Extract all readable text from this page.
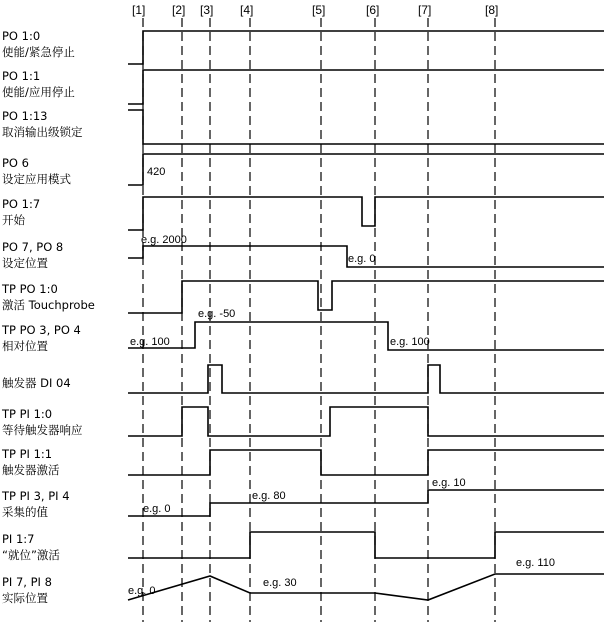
[1] [2] [3] [4]	[5]	[6]	[7]	[8]
PO 1:0
使能/紧急停止
PO 1:1
使能/应用停止
PO 1:13
取消输出级锁定
PO 6
设定应用模式
PO 1:7
开始
PO 7, PO 8
设定位置
TP PO 1:0
激活 Touchprobe
TP PO 3, PO 4
相对位置
触发器 DI 04
TP PI 1:0
等待触发器响应
TP PI 1:1
触发器激活
TP PI 3, PI 4
采集的值
PI 1:7
“就位”激活
PI 7, PI 8
实际位置
420
e.g. 2000
e.g. 0
e.g. -50
e.g. 100	e.g. 100
e.g. 0
e.g. 80
e.g. 10
e.g. 0
e.g. 30
e.g. 110
